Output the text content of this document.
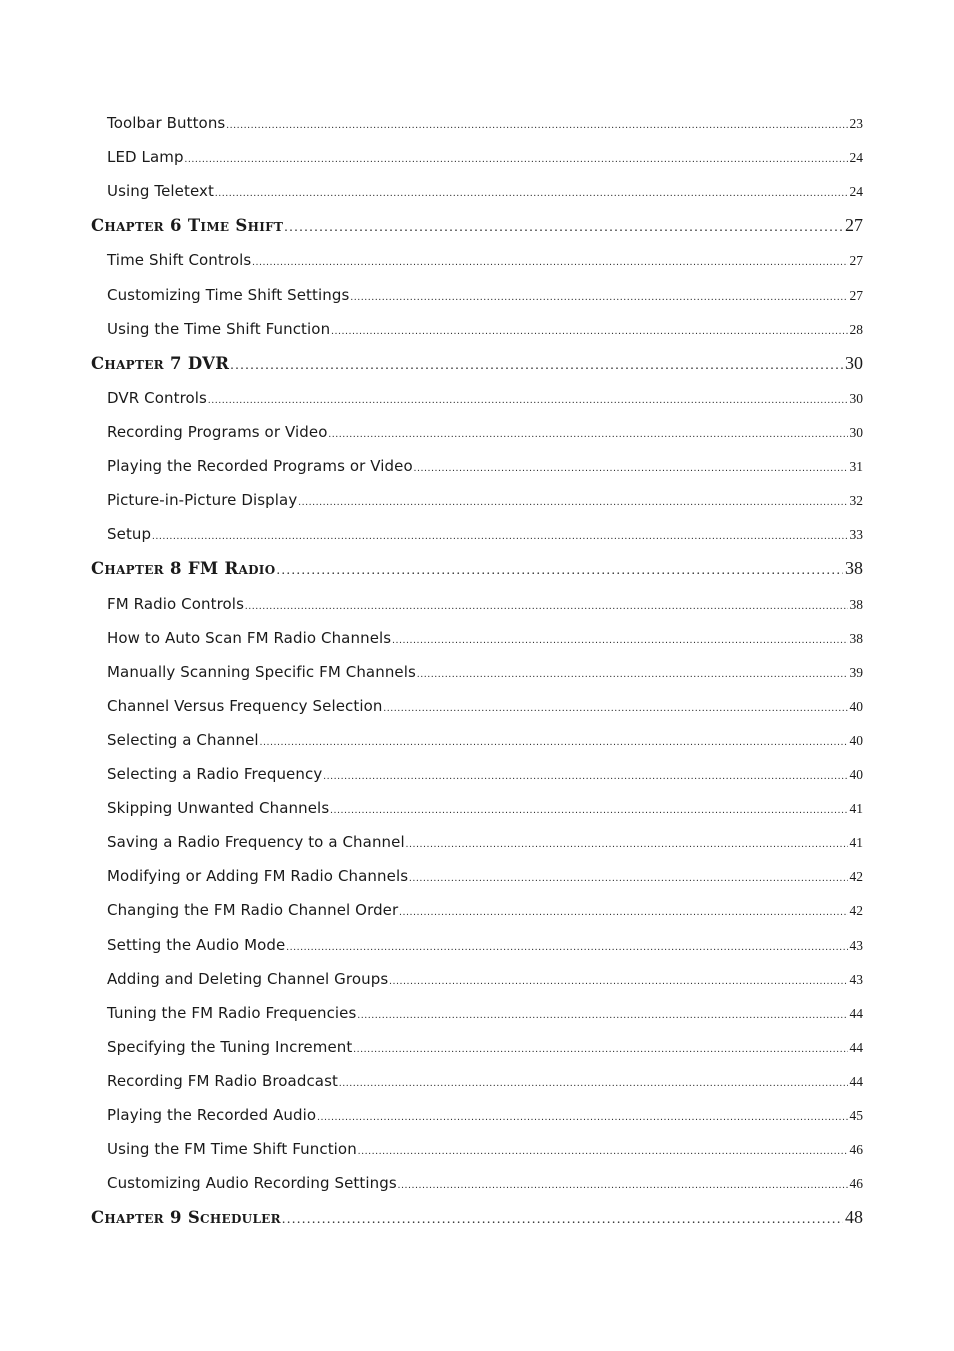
Toolbar Buttons .....	23
LED Lamp .....	24
Using Teletext .....	24
Chapter 6 Time Shift .....	27
Time Shift Controls .....	27
Customizing Time Shift Settings .....	27
Using the Time Shift Function .....	28
Chapter 7 DVR .....	30
DVR Controls .....	30
Recording Programs or Video .....	30
Playing the Recorded Programs or Video .....	31
Picture-in-Picture Display .....	32
Setup .....	33
Chapter 8 FM Radio .....	38
FM Radio Controls .....	38
How to Auto Scan FM Radio Channels .....	38
Manually Scanning Specific FM Channels .....	39
Channel Versus Frequency Selection .....	40
Selecting a Channel .....	40
Selecting a Radio Frequency .....	40
Skipping Unwanted Channels .....	41
Saving a Radio Frequency to a Channel .....	41
Modifying or Adding FM Radio Channels .....	42
Changing the FM Radio Channel Order .....	42
Setting the Audio Mode .....	43
Adding and Deleting Channel Groups .....	43
Tuning the FM Radio Frequencies .....	44
Specifying the Tuning Increment .....	44
Recording FM Radio Broadcast .....	44
Playing the Recorded Audio .....	45
Using the FM Time Shift Function .....	46
Customizing Audio Recording Settings .....	46
Chapter 9 Scheduler .....	48
